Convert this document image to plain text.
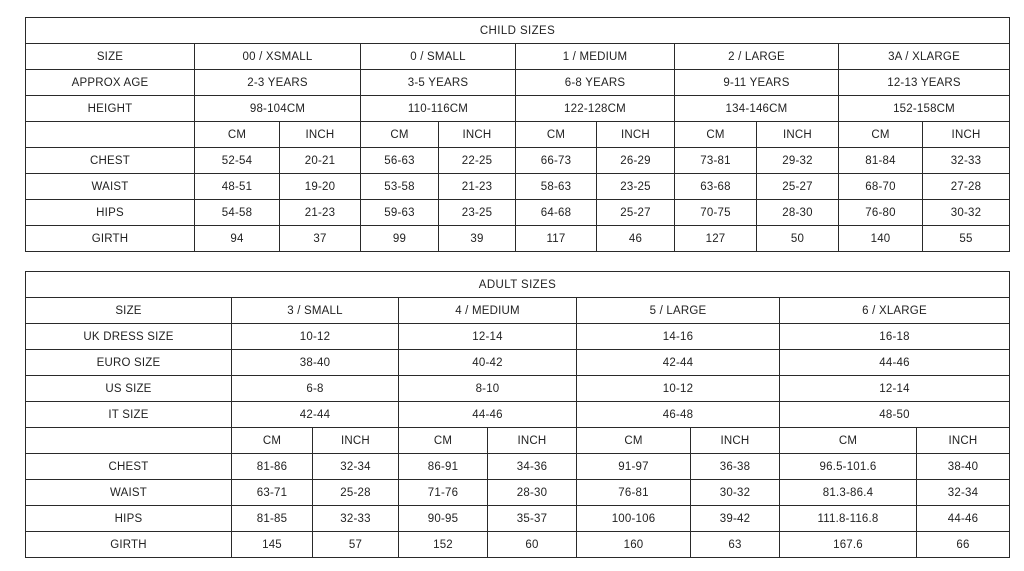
CHILD SIZES										
SIZE	00 / XSMALL		0 / SMALL		1 / MEDIUM		2 / LARGE		3A / XLARGE	
APPROX AGE	2-3 YEARS		3-5 YEARS		6-8 YEARS		9-11 YEARS		12-13 YEARS	
HEIGHT	98-104CM		110-116CM		122-128CM		134-146CM		152-158CM	
	CM	INCH	CM	INCH	CM	INCH	CM	INCH	CM	INCH
CHEST	52-54	20-21	56-63	22-25	66-73	26-29	73-81	29-32	81-84	32-33
WAIST	48-51	19-20	53-58	21-23	58-63	23-25	63-68	25-27	68-70	27-28
HIPS	54-58	21-23	59-63	23-25	64-68	25-27	70-75	28-30	76-80	30-32
GIRTH	94	37	99	39	117	46	127	50	140	55
ADULT SIZES								
SIZE	3 / SMALL		4 / MEDIUM		5 / LARGE		6 / XLARGE	
UK DRESS SIZE	10-12		12-14		14-16		16-18	
EURO SIZE	38-40		40-42		42-44		44-46	
US SIZE	6-8		8-10		10-12		12-14	
IT SIZE	42-44		44-46		46-48		48-50	
	CM	INCH	CM	INCH	CM	INCH	CM	INCH
CHEST	81-86	32-34	86-91	34-36	91-97	36-38	96.5-101.6	38-40
WAIST	63-71	25-28	71-76	28-30	76-81	30-32	81.3-86.4	32-34
HIPS	81-85	32-33	90-95	35-37	100-106	39-42	111.8-116.8	44-46
GIRTH	145	57	152	60	160	63	167.6	66
